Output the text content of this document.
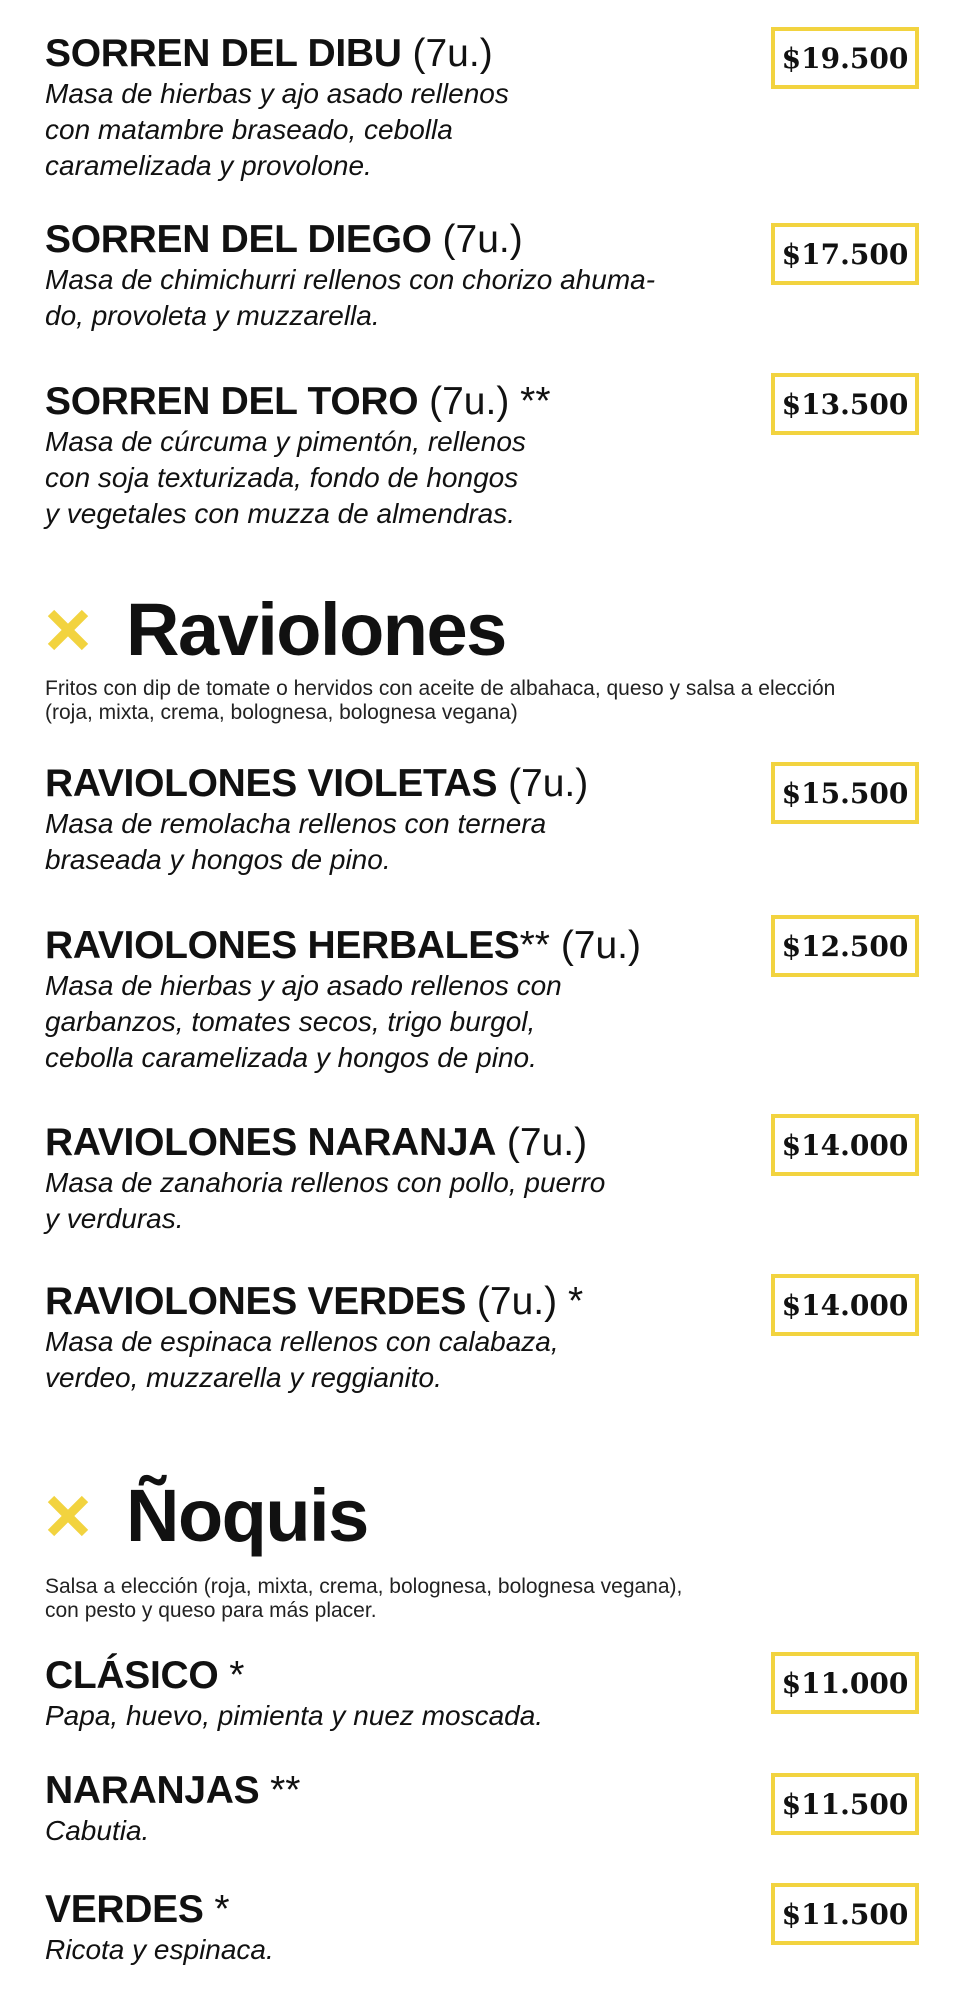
SORREN DEL DIBU (7u.)
Masa de hierbas y ajo asado rellenos
con matambre braseado, cebolla
caramelizada y provolone.
$19.500
SORREN DEL DIEGO (7u.)
Masa de chimichurri rellenos con chorizo ahuma-
do, provoleta y muzzarella.
$17.500
SORREN DEL TORO (7u.) **
Masa de cúrcuma y pimentón, rellenos
con soja texturizada, fondo de hongos
y vegetales con muzza de almendras.
$13.500
Raviolones
Fritos con dip de tomate o hervidos con aceite de albahaca, queso y salsa a elección
(roja, mixta, crema, bolognesa, bolognesa vegana)
RAVIOLONES VIOLETAS (7u.)
Masa de remolacha rellenos con ternera
braseada y hongos de pino.
$15.500
RAVIOLONES HERBALES** (7u.)
Masa de hierbas y ajo asado rellenos con
garbanzos, tomates secos, trigo burgol,
cebolla caramelizada y hongos de pino.
$12.500
RAVIOLONES NARANJA (7u.)
Masa de zanahoria rellenos con pollo, puerro
y verduras.
$14.000
RAVIOLONES VERDES (7u.) *
Masa de espinaca rellenos con calabaza,
verdeo, muzzarella y reggianito.
$14.000
Ñoquis
Salsa a elección (roja, mixta, crema, bolognesa, bolognesa vegana),
con pesto y queso para más placer.
CLÁSICO *
Papa, huevo, pimienta y nuez moscada.
$11.000
NARANJAS **
Cabutia.
$11.500
VERDES *
Ricota y espinaca.
$11.500
